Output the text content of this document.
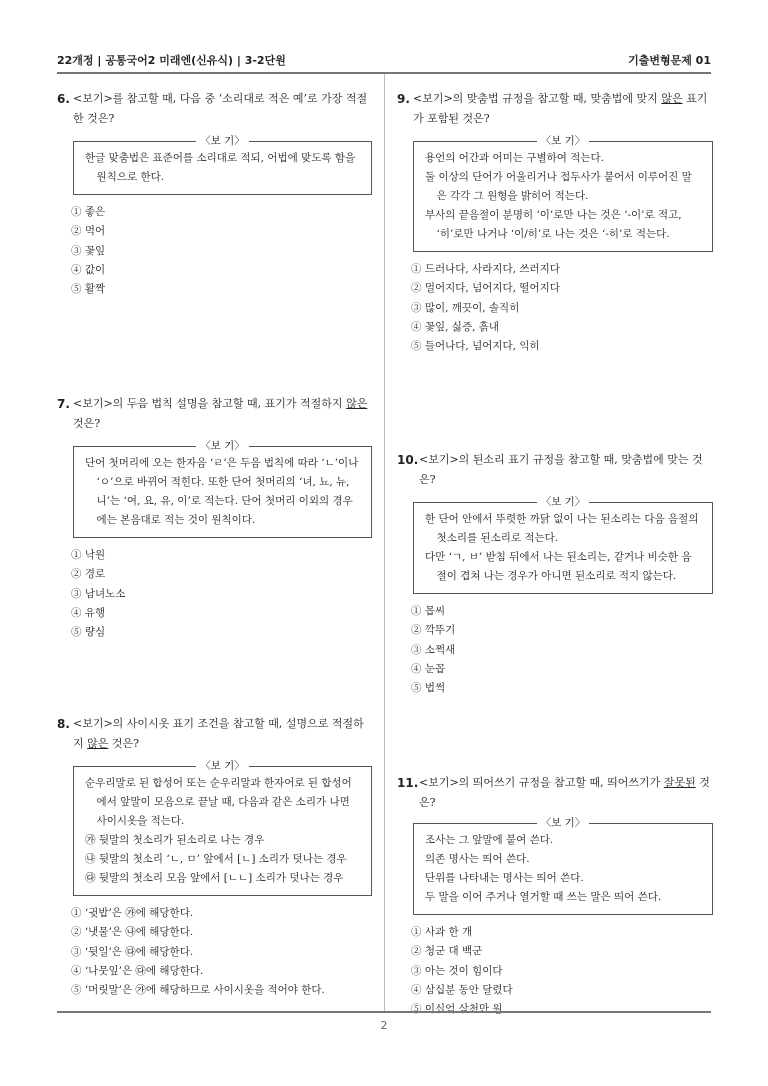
22개정 | 공통국어2 미래엔(신유식) | 3-2단원	기출변형문제 01
6. <보기>를 참고할 때, 다음 중 ‘소리대로 적은 예’로 가장 적절한 것은?
〈보 기〉

한글 맞춤법은 표준어를 소리대로 적되, 어법에 맞도록 함을 원칙으로 한다.

① 좋은
② 먹어
③ 꽃잎
④ 값이
⑤ 활짝
7. <보기>의 두음 법칙 설명을 참고할 때, 표기가 적절하지 않은 것은?
〈보 기〉

단어 첫머리에 오는 한자음 ‘ㄹ’은 두음 법칙에 따라 ‘ㄴ’이나 ‘ㅇ’으로 바뀌어 적힌다. 또한 단어 첫머리의 ‘녀, 뇨, 뉴, 니’는 ‘여, 요, 유, 이’로 적는다. 단어 첫머리 이외의 경우에는 본음대로 적는 것이 원칙이다.

① 낙원
② 경로
③ 남녀노소
④ 유행
⑤ 량심
8. <보기>의 사이시옷 표기 조건을 참고할 때, 설명으로 적절하지 않은 것은?
〈보 기〉

순우리말로 된 합성어 또는 순우리말과 한자어로 된 합성어에서 앞말이 모음으로 끝날 때, 다음과 같은 소리가 나면 사이시옷을 적는다.

㉮ 뒷말의 첫소리가 된소리로 나는 경우

㉯ 뒷말의 첫소리 ‘ㄴ, ㅁ’ 앞에서 [ㄴ] 소리가 덧나는 경우

㉰ 뒷말의 첫소리 모음 앞에서 [ㄴㄴ] 소리가 덧나는 경우

① ‘귓밥’은 ㉮에 해당한다.
② ‘냇물’은 ㉯에 해당한다.
③ ‘뒷일’은 ㉰에 해당한다.
④ ‘나뭇잎’은 ㉰에 해당한다.
⑤ ‘머릿말’은 ㉮에 해당하므로 사이시옷을 적어야 한다.
9. <보기>의 맞춤법 규정을 참고할 때, 맞춤법에 맞지 않은 표기가 포함된 것은?
〈보 기〉

용언의 어간과 어미는 구별하여 적는다.

둘 이상의 단어가 어울리거나 접두사가 붙어서 이루어진 말은 각각 그 원형을 밝히어 적는다.

부사의 끝음절이 분명히 ‘이’로만 나는 것은 ‘-이’로 적고, ‘히’로만 나거나 ‘이/히’로 나는 것은 ‘-히’로 적는다.

① 드러나다, 사라지다, 쓰러지다
② 멀어지다, 넘어지다, 떨어지다
③ 많이, 깨끗이, 솔직히
④ 꽃잎, 싫증, 흙내
⑤ 들어나다, 넘어지다, 익히
10. <보기>의 된소리 표기 규정을 참고할 때, 맞춤법에 맞는 것은?
〈보 기〉

한 단어 안에서 뚜렷한 까닭 없이 나는 된소리는 다음 음절의 첫소리를 된소리로 적는다.

다만 ‘ㄱ, ㅂ’ 받침 뒤에서 나는 된소리는, 같거나 비슷한 음절이 겹쳐 나는 경우가 아니면 된소리로 적지 않는다.

① 몹씨
② 깍뚜기
③ 소쩍새
④ 눈꼽
⑤ 법썩
11. <보기>의 띄어쓰기 규정을 참고할 때, 띄어쓰기가 잘못된 것은?
〈보 기〉

조사는 그 앞말에 붙여 쓴다.

의존 명사는 띄어 쓴다.

단위를 나타내는 명사는 띄어 쓴다.

두 말을 이어 주거나 열거할 때 쓰는 말은 띄어 쓴다.

① 사과 한 개
② 청군 대 백군
③ 아는 것이 힘이다
④ 삼십분 동안 달렸다
⑤ 이십억 삼천만 원
2
